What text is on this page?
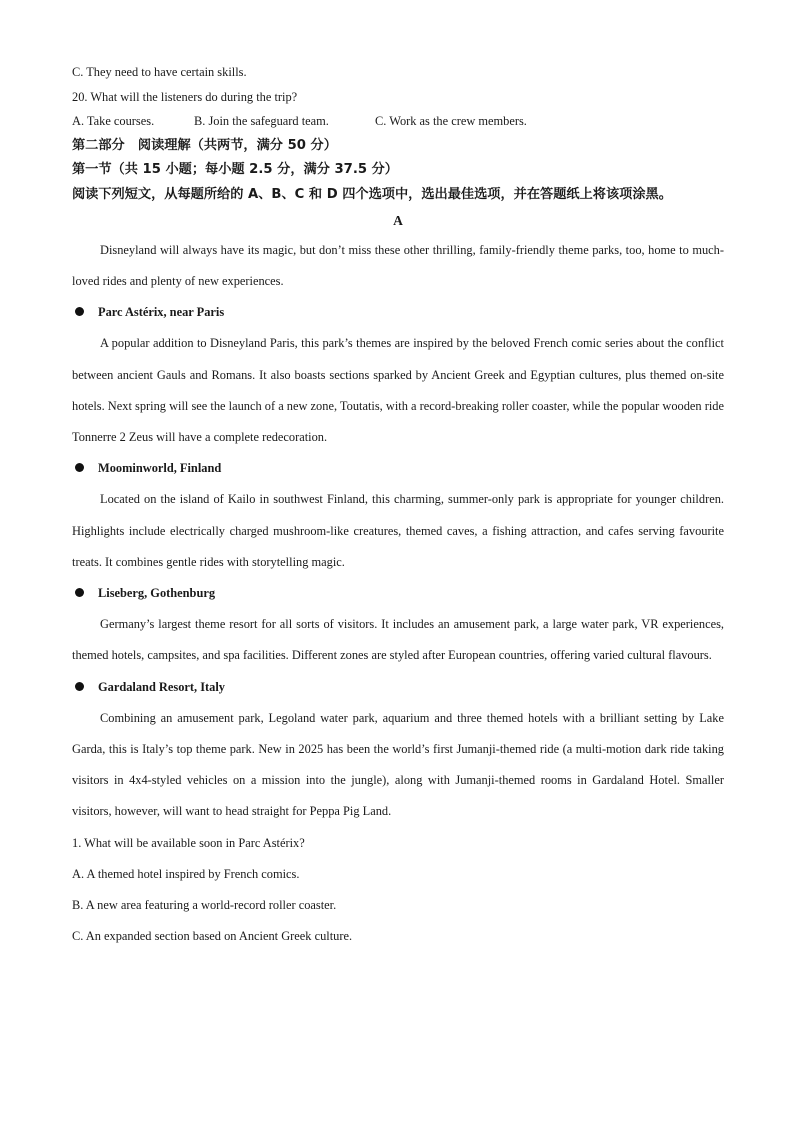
C. They need to have certain skills.
20. What will the listeners do during the trip?
A. Take courses.	B. Join the safeguard team.	C. Work as the crew members.
第二部分　阅读理解（共两节，满分 50 分）
第一节（共 15 小题；每小题 2.5 分，满分 37.5 分）
阅读下列短文，从每题所给的 A、B、C 和 D 四个选项中，选出最佳选项，并在答题纸上将该项涂黑。
A
Disneyland will always have its magic, but don’t miss these other thrilling, family-friendly theme parks, too, home to much-loved rides and plenty of new experiences.
Parc Astérix, near Paris
A popular addition to Disneyland Paris, this park’s themes are inspired by the beloved French comic series about the conflict between ancient Gauls and Romans. It also boasts sections sparked by Ancient Greek and Egyptian cultures, plus themed on-site hotels. Next spring will see the launch of a new zone, Toutatis, with a record-breaking roller coaster, while the popular wooden ride Tonnerre 2 Zeus will have a complete redecoration.
Moominworld, Finland
Located on the island of Kailo in southwest Finland, this charming, summer-only park is appropriate for younger children. Highlights include electrically charged mushroom-like creatures, themed caves, a fishing attraction, and cafes serving favourite treats. It combines gentle rides with storytelling magic.
Liseberg, Gothenburg
Germany’s largest theme resort for all sorts of visitors. It includes an amusement park, a large water park, VR experiences, themed hotels, campsites, and spa facilities. Different zones are styled after European countries, offering varied cultural flavours.
Gardaland Resort, Italy
Combining an amusement park, Legoland water park, aquarium and three themed hotels with a brilliant setting by Lake Garda, this is Italy’s top theme park. New in 2025 has been the world’s first Jumanji-themed ride (a multi-motion dark ride taking visitors in 4x4-styled vehicles on a mission into the jungle), along with Jumanji-themed rooms in Gardaland Hotel. Smaller visitors, however, will want to head straight for Peppa Pig Land.
1. What will be available soon in Parc Astérix?
A. A themed hotel inspired by French comics.
B. A new area featuring a world-record roller coaster.
C. An expanded section based on Ancient Greek culture.
